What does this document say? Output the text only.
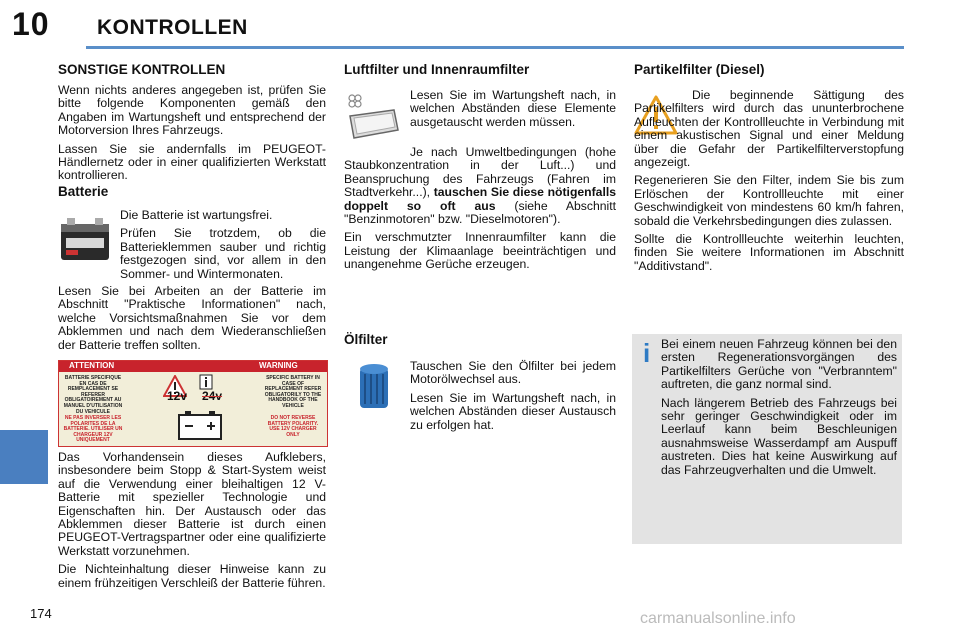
10 KONTROLLEN
174	carmanualsonline.info
SONSTIGE KONTROLLEN

Wenn nichts anderes angegeben ist, prüfen Sie bitte folgende Komponenten gemäß den Angaben im Wartungsheft und entsprechend der Motorversion Ihres Fahrzeugs.

Lassen Sie sie andernfalls im PEUGEOT-Händlernetz oder in einer qualifizierten Werkstatt kontrollieren.

Batterie

Die Batterie ist wartungsfrei.

Prüfen Sie trotzdem, ob die Batterieklemmen sauber und richtig festgezogen sind, vor allem in den Sommer- und Wintermonaten.

Lesen Sie bei Arbeiten an der Batterie im Abschnitt "Praktische Informationen" nach, welche Vorsichtsmaßnahmen Sie vor dem Abklemmen und nach dem Wiederanschließen der Batterie treffen sollten.

ATTENTION	WARNING
BATTERIE SPECIFIQUE EN CAS DE REMPLACEMENT SE REFERER OBLIGATOIREMENT AU MANUEL D'UTILISATION DU VEHICULE
SPECIFIC BATTERY IN CASE OF REPLACEMENT REFER OBLIGATORILY TO THE HANDBOOK OF THE VEHICLE
NE PAS INVERSER LES POLARITES DE LA BATTERIE. UTILISER UN CHARGEUR 12V UNIQUEMENT
DO NOT REVERSE BATTERY POLARITY. USE 12V CHARGER ONLY
12v 24v

Das Vorhandensein dieses Aufklebers, insbesondere beim Stopp & Start-System weist auf die Verwendung einer bleihaltigen 12 V-Batterie mit spezieller Technologie und Eigenschaften hin. Der Austausch oder das Abklemmen dieser Batterie ist durch einen PEUGEOT-Vertragspartner oder eine qualifizierte Werkstatt vorzunehmen.

Die Nichteinhaltung dieser Hinweise kann zu einem frühzeitigen Verschleiß der Batterie führen.

Luftfilter und Innenraumfilter

Lesen Sie im Wartungsheft nach, in welchen Abständen diese Elemente ausgetauscht werden müssen.

Je nach Umweltbedingungen (hohe Staubkonzentration in der Luft...) und Beanspruchung des Fahrzeugs (Fahren im Stadtverkehr...), tauschen Sie diese nötigenfalls doppelt so oft aus (siehe Abschnitt "Benzinmotoren" bzw. "Dieselmotoren").

Ein verschmutzter Innenraumfilter kann die Leistung der Klimaanlage beeinträchtigen und unangenehme Gerüche erzeugen.

Ölfilter

Tauschen Sie den Ölfilter bei jedem Motorölwechsel aus.

Lesen Sie im Wartungsheft nach, in welchen Abständen dieser Austausch zu erfolgen hat.

Partikelfilter (Diesel)

Die beginnende Sättigung des Partikelfilters wird durch das ununterbrochene Aufleuchten der Kontrollleuchte in Verbindung mit einem akustischen Signal und einer Meldung über die Gefahr der Partikelfilterverstopfung angezeigt.

Regenerieren Sie den Filter, indem Sie bis zum Erlöschen der Kontrollleuchte mit einer Geschwindigkeit von mindestens 60 km/h fahren, sobald die Verkehrsbedingungen dies zulassen.

Sollte die Kontrollleuchte weiterhin leuchten, finden Sie weitere Informationen im Abschnitt "Additivstand".

i Bei einem neuen Fahrzeug können bei den ersten Regenerationsvorgängen des Partikelfilters Gerüche von "Verbranntem" auftreten, die ganz normal sind.

Nach längerem Betrieb des Fahrzeugs bei sehr geringer Geschwindigkeit oder im Leerlauf kann beim Beschleunigen ausnahmsweise Wasserdampf am Auspuff austreten. Dies hat keine Auswirkung auf das Fahrzeugverhalten und die Umwelt.
